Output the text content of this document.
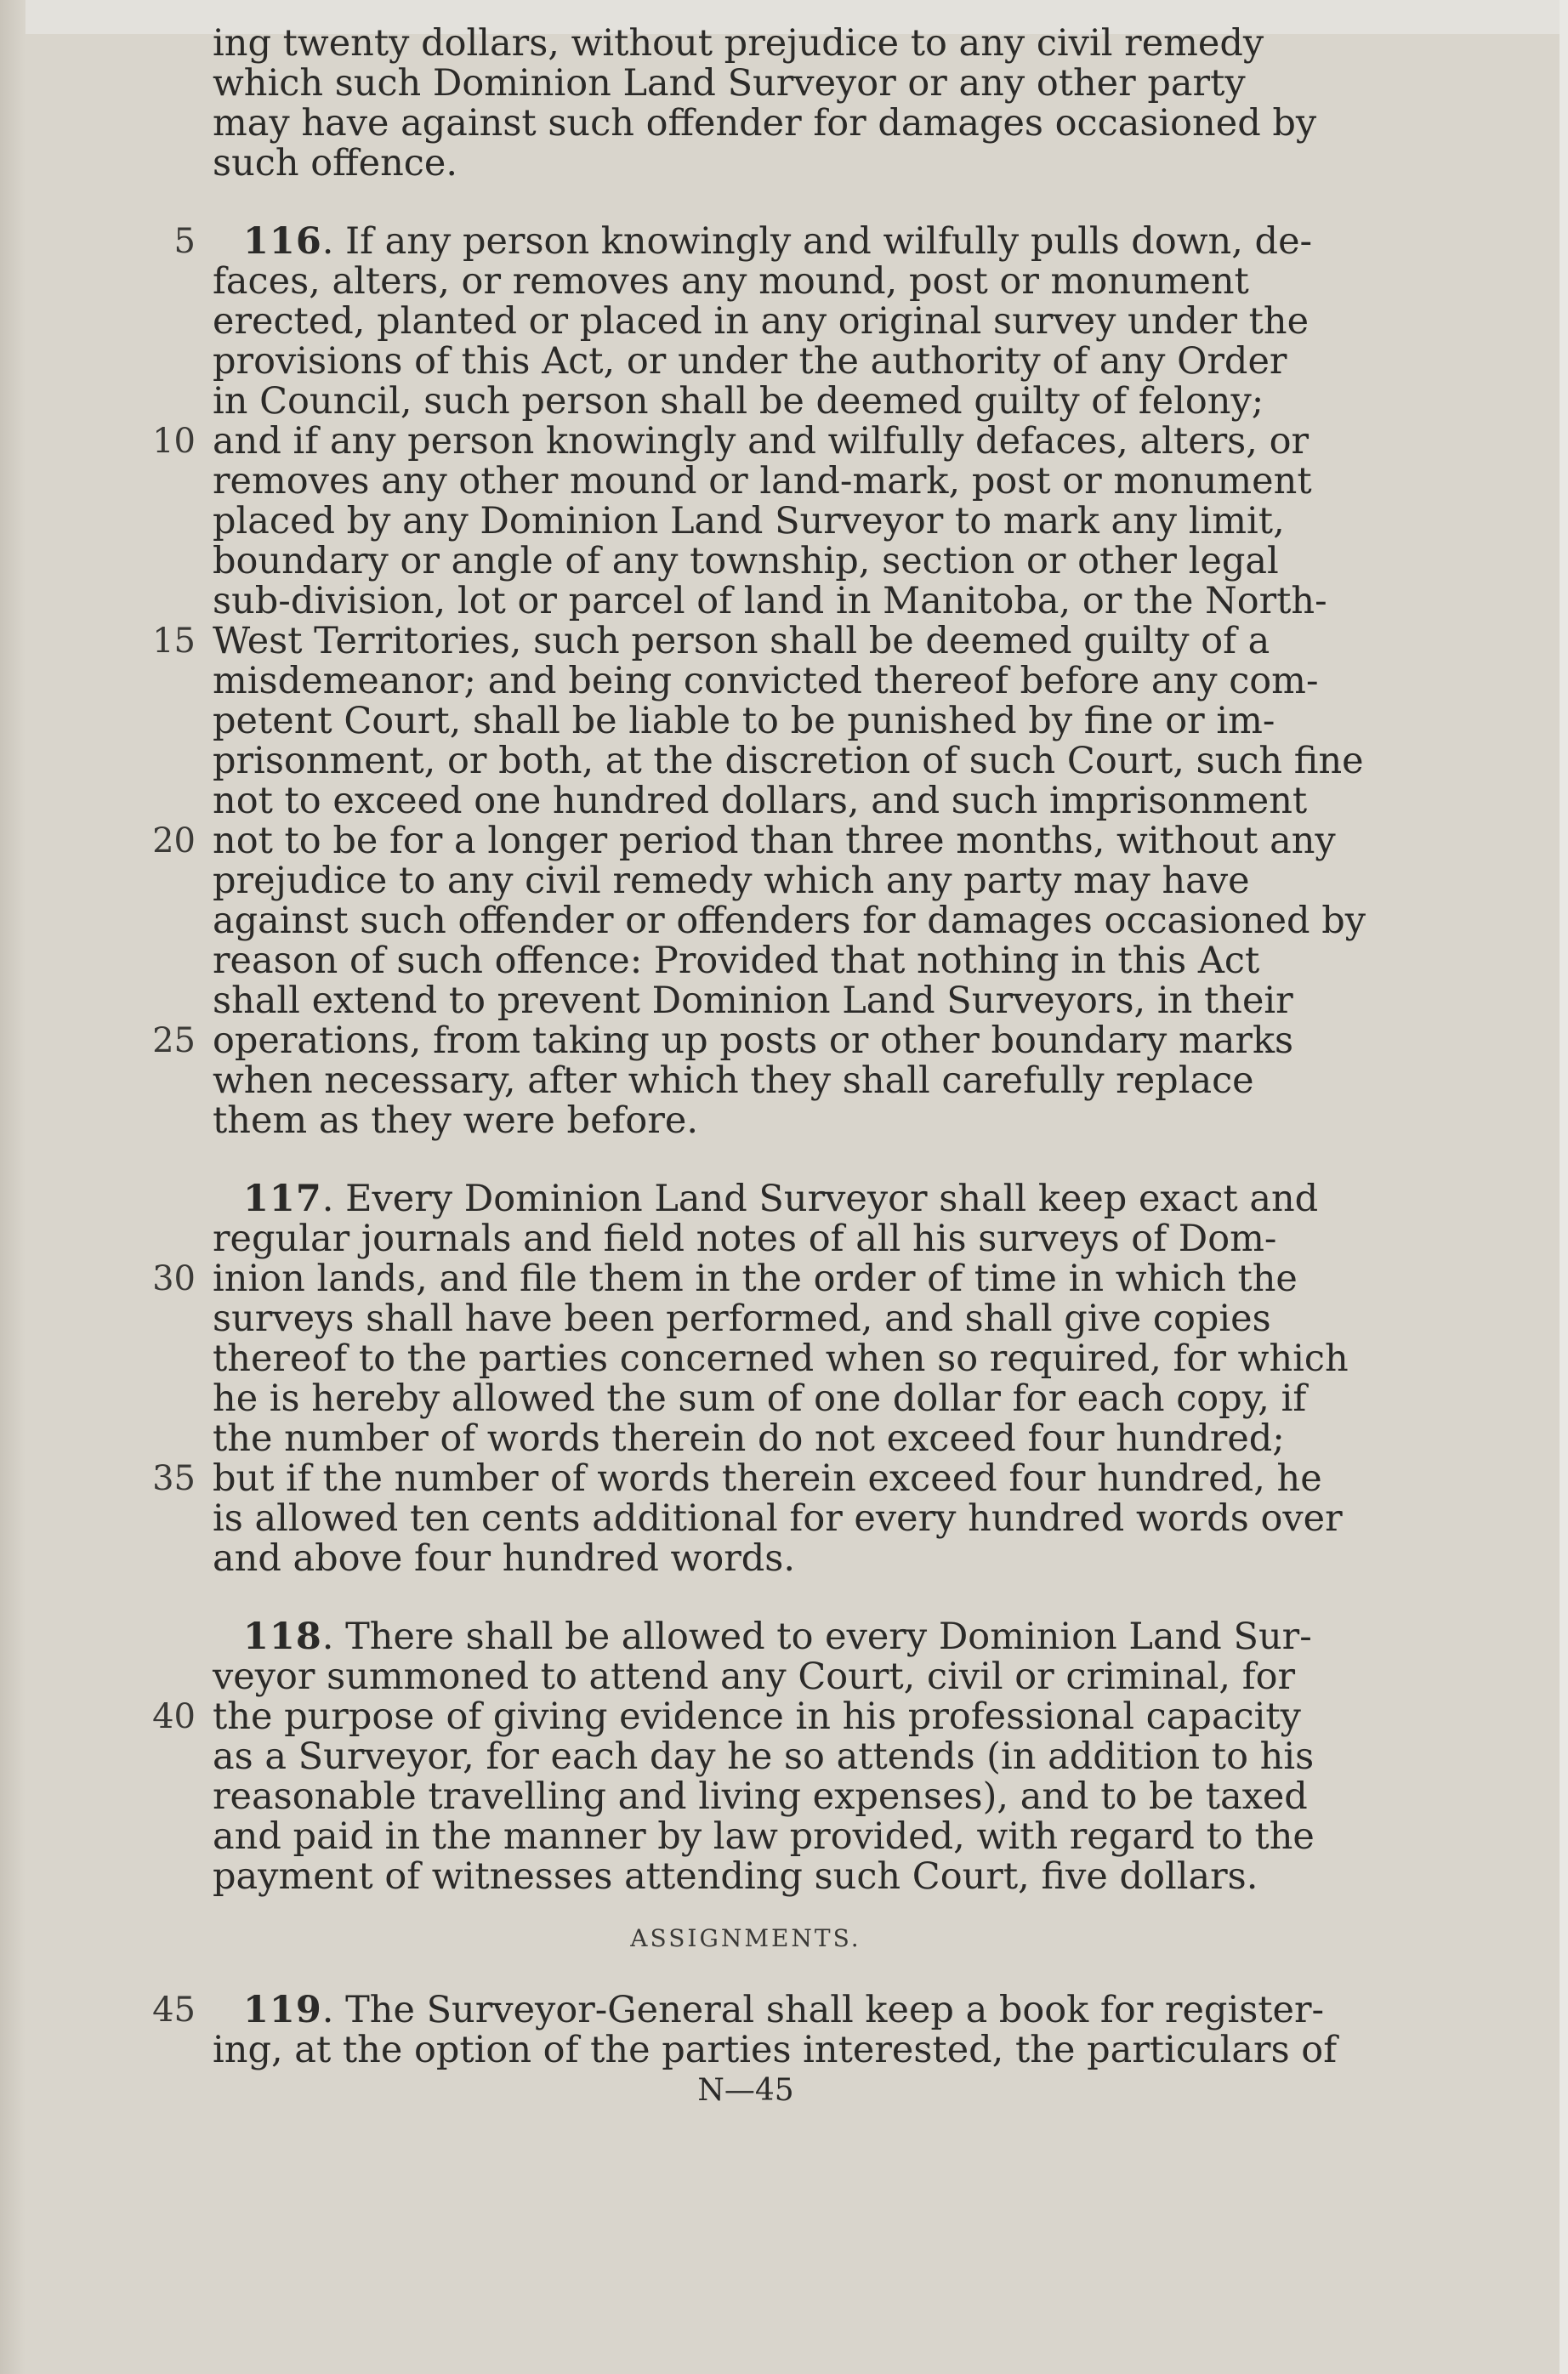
ASSIGNMENTS.
N—45
ing twenty dollars, without prejudice to any civil remedy
which such Dominion Land Surveyor or any other party
may have against such offender for damages occasioned by
such offence.
5	116. If any person knowingly and wilfully pulls down, de-
faces, alters, or removes any mound, post or monument
erected, planted or placed in any original survey under the
provisions of this Act, or under the authority of any Order
in Council, such person shall be deemed guilty of felony;
10 and if any person knowingly and wilfully defaces, alters, or
removes any other mound or land-mark, post or monument
placed by any Dominion Land Surveyor to mark any limit,
boundary or angle of any township, section or other legal
sub-division, lot or parcel of land in Manitoba, or the North-
15 West Territories, such person shall be deemed guilty of a
misdemeanor; and being convicted thereof before any com-
petent Court, shall be liable to be punished by fine or im-
prisonment, or both, at the discretion of such Court, such fine
not to exceed one hundred dollars, and such imprisonment
20 not to be for a longer period than three months, without any
prejudice to any civil remedy which any party may have
against such offender or offenders for damages occasioned by
reason of such offence: Provided that nothing in this Act
shall extend to prevent Dominion Land Surveyors, in their
25 operations, from taking up posts or other boundary marks
when necessary, after which they shall carefully replace
them as they were before.
117. Every Dominion Land Surveyor shall keep exact and
regular journals and field notes of all his surveys of Dom-
30 inion lands, and file them in the order of time in which the
surveys shall have been performed, and shall give copies
thereof to the parties concerned when so required, for which
he is hereby allowed the sum of one dollar for each copy, if
the number of words therein do not exceed four hundred;
35 but if the number of words therein exceed four hundred, he
is allowed ten cents additional for every hundred words over
and above four hundred words.
118. There shall be allowed to every Dominion Land Sur-
veyor summoned to attend any Court, civil or criminal, for
40 the purpose of giving evidence in his professional capacity
as a Surveyor, for each day he so attends (in addition to his
reasonable travelling and living expenses), and to be taxed
and paid in the manner by law provided, with regard to the
payment of witnesses attending such Court, five dollars.
45	119. The Surveyor-General shall keep a book for register-
ing, at the option of the parties interested, the particulars of
